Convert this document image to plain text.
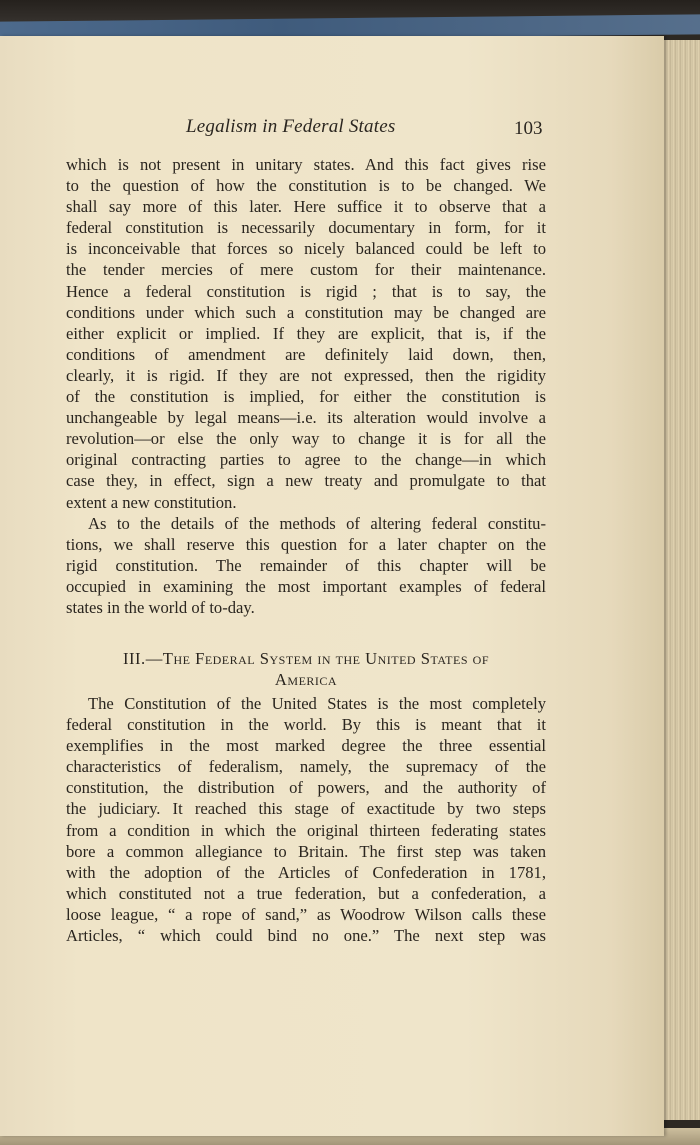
Legalism in Federal States	103
which is not present in unitary states. And this fact gives rise
to the question of how the constitution is to be changed. We
shall say more of this later. Here suffice it to observe that a
federal constitution is necessarily documentary in form, for it
is inconceivable that forces so nicely balanced could be left to
the tender mercies of mere custom for their maintenance.
Hence a federal constitution is rigid ; that is to say, the
conditions under which such a constitution may be changed are
either explicit or implied. If they are explicit, that is, if the
conditions of amendment are definitely laid down, then,
clearly, it is rigid. If they are not expressed, then the rigidity
of the constitution is implied, for either the constitution is
unchangeable by legal means—i.e. its alteration would involve a
revolution—or else the only way to change it is for all the
original contracting parties to agree to the change—in which
case they, in effect, sign a new treaty and promulgate to that
extent a new constitution.
As to the details of the methods of altering federal constitu-
tions, we shall reserve this question for a later chapter on the
rigid constitution. The remainder of this chapter will be
occupied in examining the most important examples of federal
states in the world of to-day.
III.—The Federal System in the United States of
America
The Constitution of the United States is the most completely
federal constitution in the world. By this is meant that it
exemplifies in the most marked degree the three essential
characteristics of federalism, namely, the supremacy of the
constitution, the distribution of powers, and the authority of
the judiciary. It reached this stage of exactitude by two steps
from a condition in which the original thirteen federating states
bore a common allegiance to Britain. The first step was taken
with the adoption of the Articles of Confederation in 1781,
which constituted not a true federation, but a confederation, a
loose league, “ a rope of sand,” as Woodrow Wilson calls these
Articles, “ which could bind no one.” The next step was
